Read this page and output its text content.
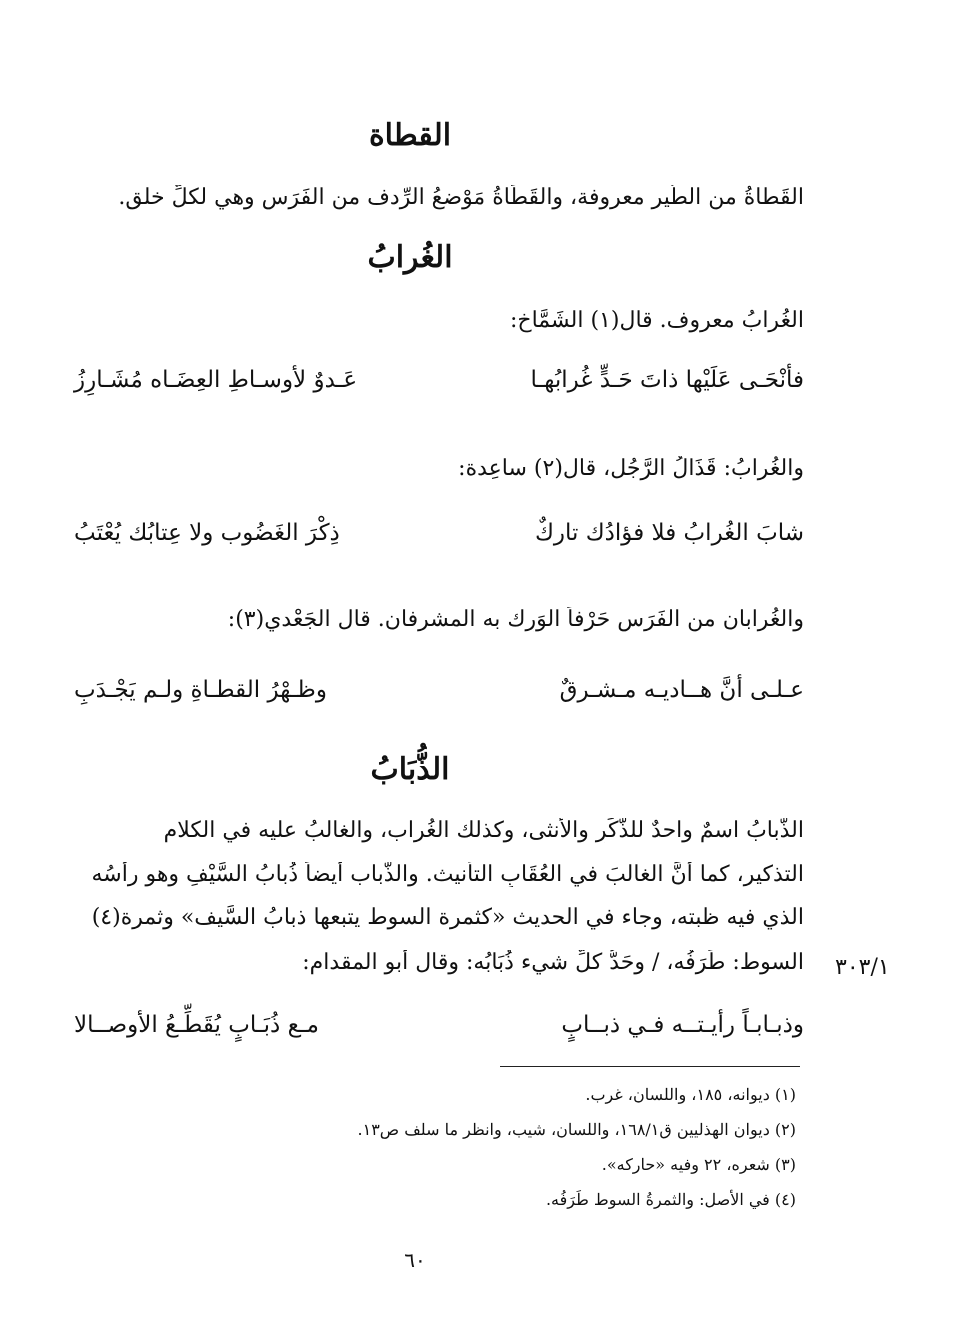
القطاة
القَطاةُ من الطَّيرِ معروفة، والقَطَاةُ مَوْضعُ الرِّدف من الفَرَس وهي لكلِّ خلق.
الغُرابُ
الغُرابُ معروف. قال(١) الشَمَّاخ:
فأنْحَـى عَلَيْها ذاتَ حَـدٍّ غُرابُهـا
عَـدوٌ لأوسـاطِ العِضَـاه مُشَـارِزُ
والغُرابُ: قَذَالُ الرَّجُل، قال(٢) ساعِدة:
شابَ الغُرابُ فلا فؤادُك تاركٌ
ذِكْرَ الغَضُوب ولا عِتابُك يُعْتَبُ
والغُرابان من الفَرَس حَرْفاً الوَرِك به المشرفان. قال الجَعْدي(٣):
عـلـى أنَّ هــاديـه مـشـرقٌ
وظـهْرُ القطـاةِ ولـم يَجْـدَبِ
الذُّبَابُ
الذُّبابُ اسمٌ واحدٌ للذَّكَرِ والأنثى، وكذلك الغُراب، والغالبُ عليه في الكلام
التذكير، كما أنَّ الغالبَ في العُقَابِ التأنيث. والذُّباب أيضاً ذُبابُ السَّيْفِ وهو رأسُه
الذي فيه ظبته، وجاء في الحديث «كثمرة السوط يتبعها ذبابُ السَّيف» وثمرة(٤)
السوط: طَرَفُه، / وحَدُّ كلِّ شيء ذُبَابُه: وقال أبو المقدام: ٣٠٣/١
وذبـابـاً رأيـتــه فـي ذبــابٍ
مـع ذُبَـابٍ يُقَطِّـعُ الأوصــالا
(١) ديوانه، ١٨٥، واللسان، غرب.
(٢) ديوان الهذليين ق١٦٨/١، واللسان، شيب، وانظر ما سلف ص١٣.
(٣) شعره، ٢٢ وفيه «حاركه».
(٤) في الأصل: والثمرةُ السوط طَرَفُه.
٦٠
